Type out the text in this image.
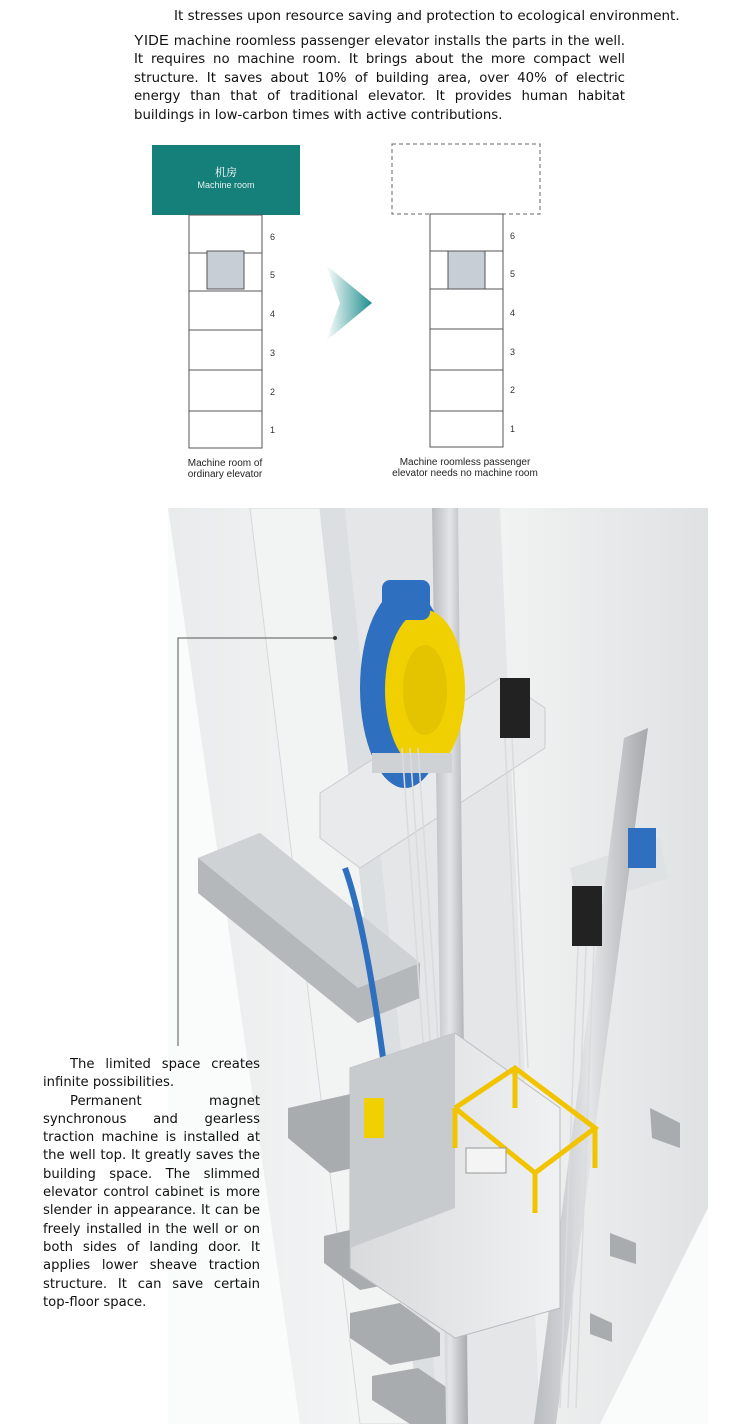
It stresses upon resource saving and protection to ecological environment.
YIDE machine roomless passenger elevator installs the parts in the well. It requires no machine room. It brings about the more compact well structure. It saves about 10% of building area, over 40% of electric energy than that of traditional elevator. It provides human habitat buildings in low-carbon times with active contributions.
机房
Machine room
6
5
4
3
2
1
6
5
4
3
2
1
Machine room of
ordinary elevator
Machine roomless passenger
elevator needs no machine room

The limited space creates infinite possibilities.

Permanent magnet synchronous and gearless traction machine is installed at the well top. It greatly saves the building space. The slimmed elevator control cabinet is more slender in appearance. It can be freely installed in the well or on both sides of landing door. It applies lower sheave traction structure. It can save certain top-floor space.
